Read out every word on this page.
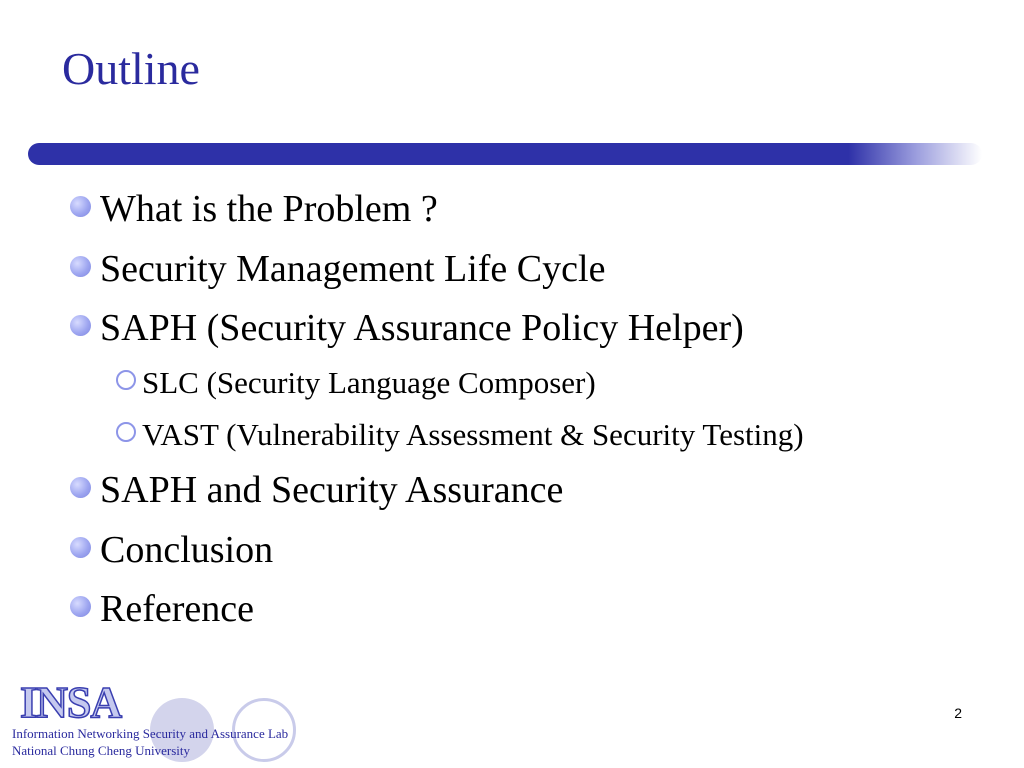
Outline
What is the Problem ?
Security Management Life Cycle
SAPH (Security Assurance Policy Helper)
SLC (Security Language Composer)
VAST (Vulnerability Assessment & Security Testing)
SAPH and Security Assurance
Conclusion
Reference
2
INSA
Information Networking Security and Assurance Lab
National Chung Cheng University
